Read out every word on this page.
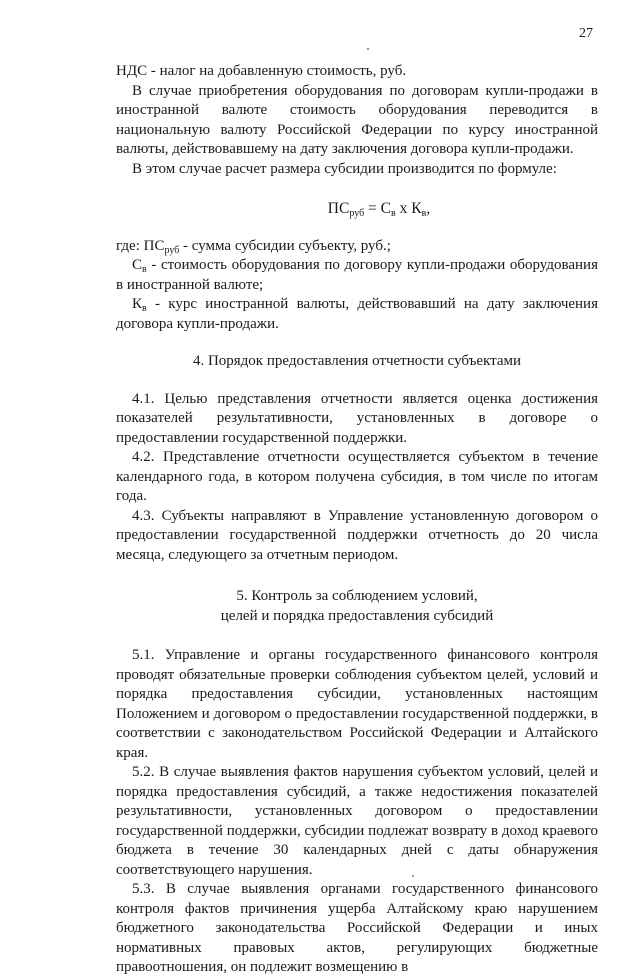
27

НДС - налог на добавленную стоимость, руб.

В случае приобретения оборудования по договорам купли-продажи в иностранной валюте стоимость оборудования переводится в национальную валюту Российской Федерации по курсу иностранной валюты, действовавшему на дату заключения договора купли-продажи.

В этом случае расчет размера субсидии производится по формуле:

$ПС_{руб} = С_в$ х $К_в$,

где: $ПС_{руб}$ - сумма субсидии субъекту, руб.;

$С_в$ - стоимость оборудования по договору купли-продажи оборудования в иностранной валюте;

$К_в$ - курс иностранной валюты, действовавший на дату заключения договора купли-продажи.

4. Порядок предоставления отчетности субъектами

4.1. Целью представления отчетности является оценка достижения показателей результативности, установленных в договоре о предоставлении государственной поддержки.

4.2. Представление отчетности осуществляется субъектом в течение календарного года, в котором получена субсидия, в том числе по итогам года.

4.3. Субъекты направляют в Управление установленную договором о предоставлении государственной поддержки отчетность до 20 числа месяца, следующего за отчетным периодом.

5. Контроль за соблюдением условий,
целей и порядка предоставления субсидий

5.1. Управление и органы государственного финансового контроля проводят обязательные проверки соблюдения субъектом целей, условий и порядка предоставления субсидии, установленных настоящим Положением и договором о предоставлении государственной поддержки, в соответствии с законодательством Российской Федерации и Алтайского края.

5.2. В случае выявления фактов нарушения субъектом условий, целей и порядка предоставления субсидий, а также недостижения показателей результативности, установленных договором о предоставлении государственной поддержки, субсидии подлежат возврату в доход краевого бюджета в течение 30 календарных дней с даты обнаружения соответствующего нарушения.

5.3. В случае выявления органами государственного финансового контроля фактов причинения ущерба Алтайскому краю нарушением бюджетного законодательства Российской Федерации и иных нормативных правовых актов, регулирующих бюджетные правоотношения, он подлежит возмещению в
